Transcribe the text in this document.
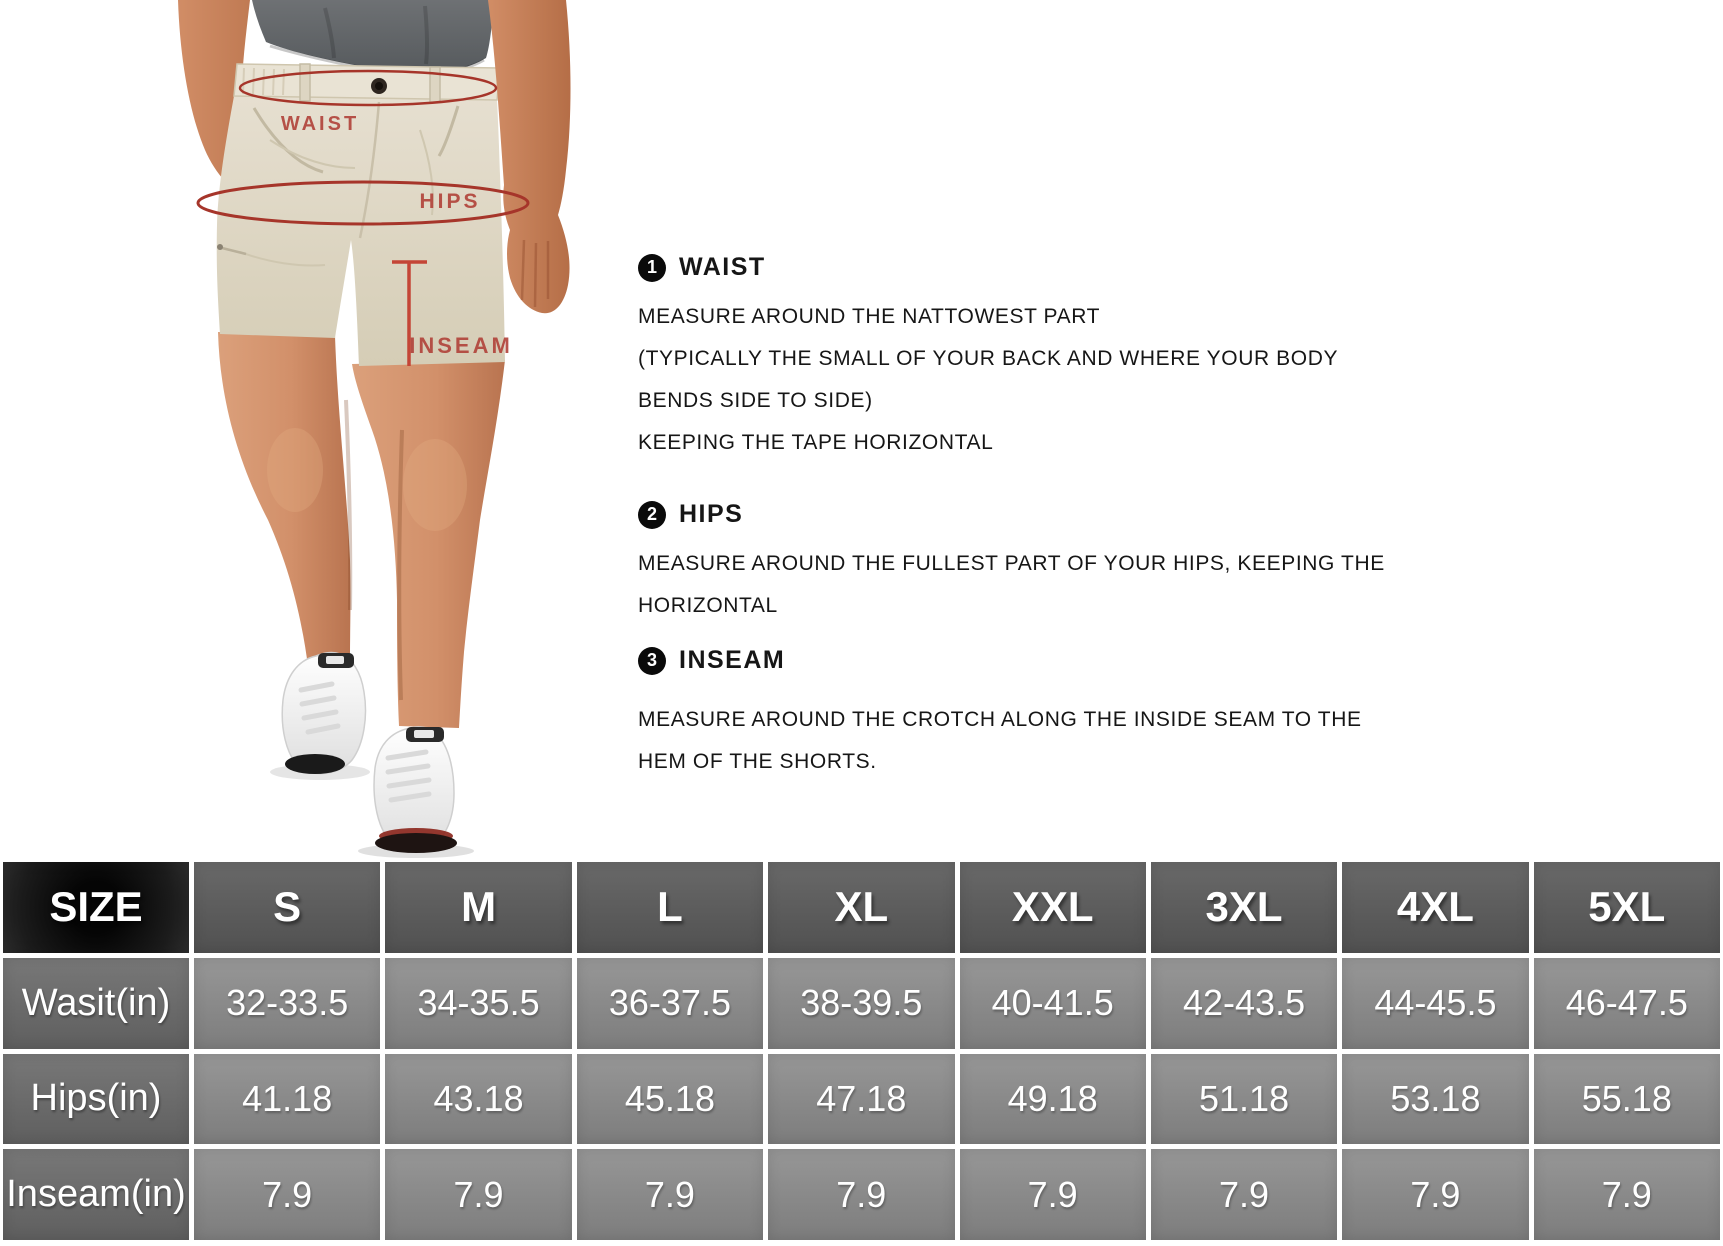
WAIST
HIPS
INSEAM
1 WAIST

MEASURE AROUND THE NATTOWEST PART

(TYPICALLY THE SMALL OF YOUR BACK AND WHERE YOUR BODY

BENDS SIDE TO SIDE)

KEEPING THE TAPE HORIZONTAL

2 HIPS

MEASURE AROUND THE FULLEST PART OF YOUR HIPS, KEEPING THE

HORIZONTAL

3 INSEAM

MEASURE AROUND THE CROTCH ALONG THE INSIDE SEAM TO THE

HEM OF THE SHORTS.

SIZE	S	M	L	XL	XXL	3XL	4XL	5XL
Wasit(in)	32-33.5	34-35.5	36-37.5	38-39.5	40-41.5	42-43.5	44-45.5	46-47.5
Hips(in)	41.18	43.18	45.18	47.18	49.18	51.18	53.18	55.18
Inseam(in)	7.9	7.9	7.9	7.9	7.9	7.9	7.9	7.9
